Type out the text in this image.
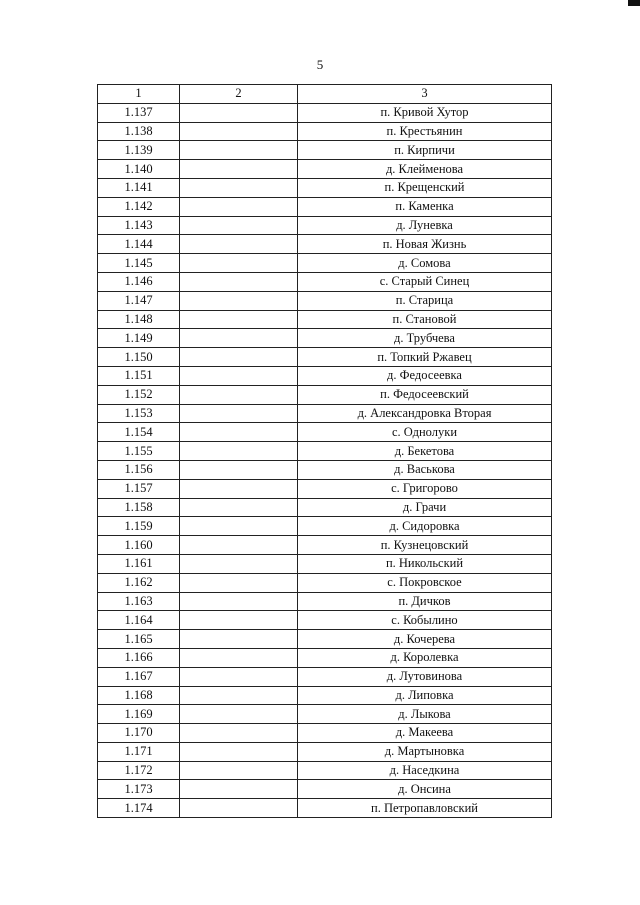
5
1	2	3
1.137		п. Кривой Хутор
1.138		п. Крестьянин
1.139		п. Кирпичи
1.140		д. Клейменова
1.141		п. Крещенский
1.142		п. Каменка
1.143		д. Луневка
1.144		п. Новая Жизнь
1.145		д. Сомова
1.146		с. Старый Синец
1.147		п. Старица
1.148		п. Становой
1.149		д. Трубчева
1.150		п. Топкий Ржавец
1.151		д. Федосеевка
1.152		п. Федосеевский
1.153		д. Александровка Вторая
1.154		с. Однолуки
1.155		д. Бекетова
1.156		д. Васькова
1.157		с. Григорово
1.158		д. Грачи
1.159		д. Сидоровка
1.160		п. Кузнецовский
1.161		п. Никольский
1.162		с. Покровское
1.163		п. Дичков
1.164		с. Кобылино
1.165		д. Кочерева
1.166		д. Королевка
1.167		д. Лутовинова
1.168		д. Липовка
1.169		д. Лыкова
1.170		д. Макеева
1.171		д. Мартыновка
1.172		д. Наседкина
1.173		д. Онсина
1.174		п. Петропавловский
